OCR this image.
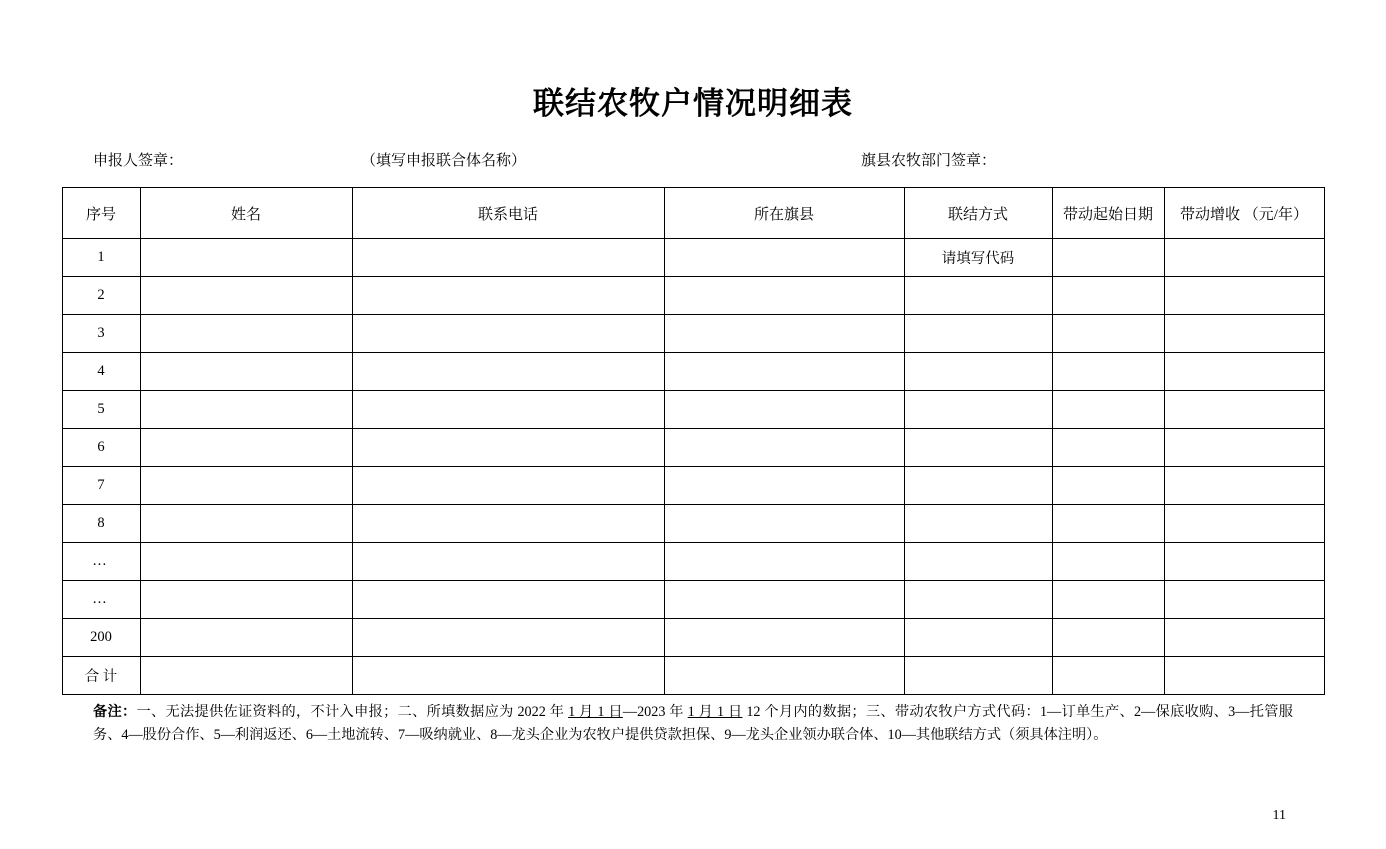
联结农牧户情况明细表
申报人签章：	（填写申报联合体名称）	旗县农牧部门签章：
序号	姓名	联系电话	所在旗县	联结方式	带动起始日期	带动增收 （元/年）
1				请填写代码		
2						
3						
4						
5						
6						
7						
8						
…						
…						
200						
合 计						
备注：一、无法提供佐证资料的，不计入申报；二、所填数据应为 2022 年 1 月 1 日—2023 年 1 月 1 日 12 个月内的数据；三、带动农牧户方式代码：1—订单生产、2—保底收购、3—托管服务、4—股份合作、5—利润返还、6—土地流转、7—吸纳就业、8—龙头企业为农牧户提供贷款担保、9—龙头企业领办联合体、10—其他联结方式（须具体注明）。
11
